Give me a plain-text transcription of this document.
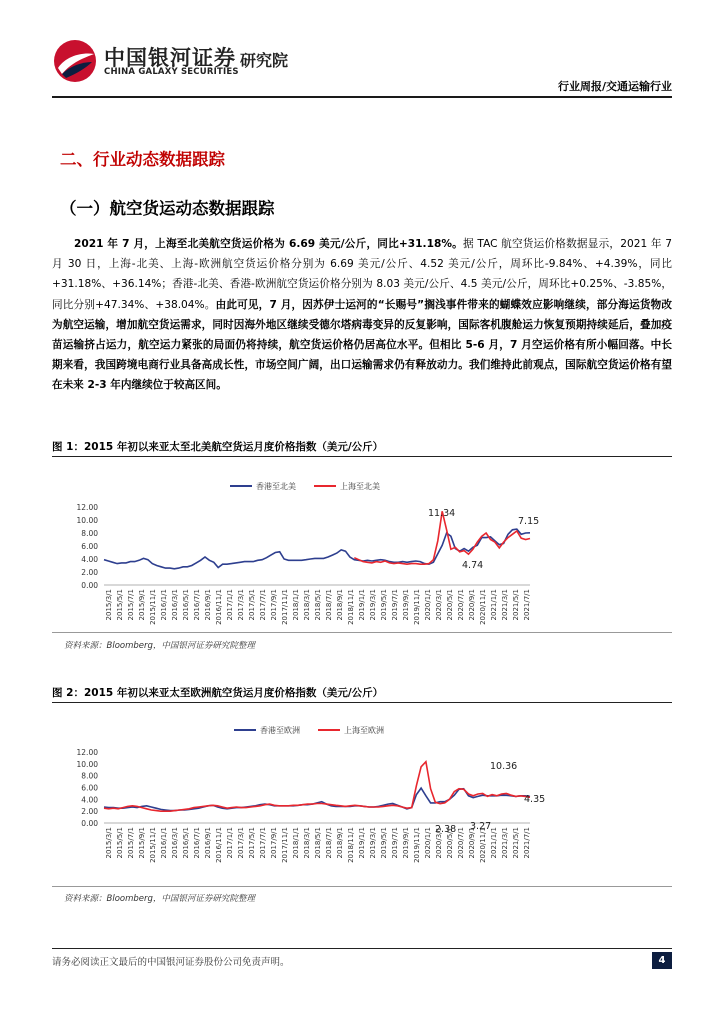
中国银河证券 研究院
CHINA GALAXY SECURITIES
行业周报/交通运输行业
二、行业动态数据跟踪
（一）航空货运动态数据跟踪
2021 年 7 月，上海至北美航空货运价格为 6.69 美元/公斤，同比+31.18%。据 TAC 航空货运价格数据显示，2021 年 7 月 30 日，上海-北美、上海-欧洲航空货运价格分别为 6.69 美元/公斤、4.52 美元/公斤，周环比-9.84%、+4.39%，同比+31.18%、+36.14%；香港-北美、香港-欧洲航空货运价格分别为 8.03 美元/公斤、4.5 美元/公斤，周环比+0.25%、-3.85%，同比分别+47.34%、+38.04%。由此可见，7 月，因苏伊士运河的“长赐号”搁浅事件带来的蝴蝶效应影响继续，部分海运货物改为航空运输，增加航空货运需求，同时因海外地区继续受德尔塔病毒变异的反复影响，国际客机腹舱运力恢复预期持续延后，叠加疫苗运输挤占运力，航空运力紧张的局面仍将持续，航空货运价格仍居高位水平。但相比 5-6 月，7 月空运价格有所小幅回落。中长期来看，我国跨境电商行业具备高成长性，市场空间广阔，出口运输需求仍有释放动力。我们维持此前观点，国际航空货运价格有望在未来 2-3 年内继续位于较高区间。
图 1：2015 年初以来亚太至北美航空货运月度价格指数（美元/公斤）
0.00
2.00
4.00
6.00
8.00
10.00
12.00
2015/3/1 2015/5/1 2015/7/1 2015/9/1 2015/11/1 2016/1/1 2016/3/1 2016/5/1 2016/7/1 2016/9/1 2016/11/1 2017/1/1 2017/3/1 2017/5/1 2017/7/1 2017/9/1 2017/11/1 2018/1/1 2018/3/1 2018/5/1 2018/7/1 2018/9/1 2018/11/1 2019/1/1 2019/3/1 2019/5/1 2019/7/1 2019/9/1 2019/11/1 2020/1/1 2020/3/1 2020/5/1 2020/7/1 2020/9/1 2020/11/1 2021/1/1 2021/3/1 2021/5/1 2021/7/1
香港至北美	上海至北美
11.34
4.74
7.15
资料来源：Bloomberg，中国银河证券研究院整理
图 2：2015 年初以来亚太至欧洲航空货运月度价格指数（美元/公斤）
0.00
2.00
4.00
6.00
8.00
10.00
12.00
2015/3/1 2015/5/1 2015/7/1 2015/9/1 2015/11/1 2016/1/1 2016/3/1 2016/5/1 2016/7/1 2016/9/1 2016/11/1 2017/1/1 2017/3/1 2017/5/1 2017/7/1 2017/9/1 2017/11/1 2018/1/1 2018/3/1 2018/5/1 2018/7/1 2018/9/1 2018/11/1 2019/1/1 2019/3/1 2019/5/1 2019/7/1 2019/9/1 2019/11/1 2020/1/1 2020/3/1 2020/5/1 2020/7/1 2020/9/1 2020/11/1 2021/1/1 2021/3/1 2021/5/1 2021/7/1
香港至欧洲	上海至欧洲
10.36
2.38 3.27
4.35
资料来源：Bloomberg，中国银河证券研究院整理
请务必阅读正文最后的中国银河证券股份公司免责声明。	4
